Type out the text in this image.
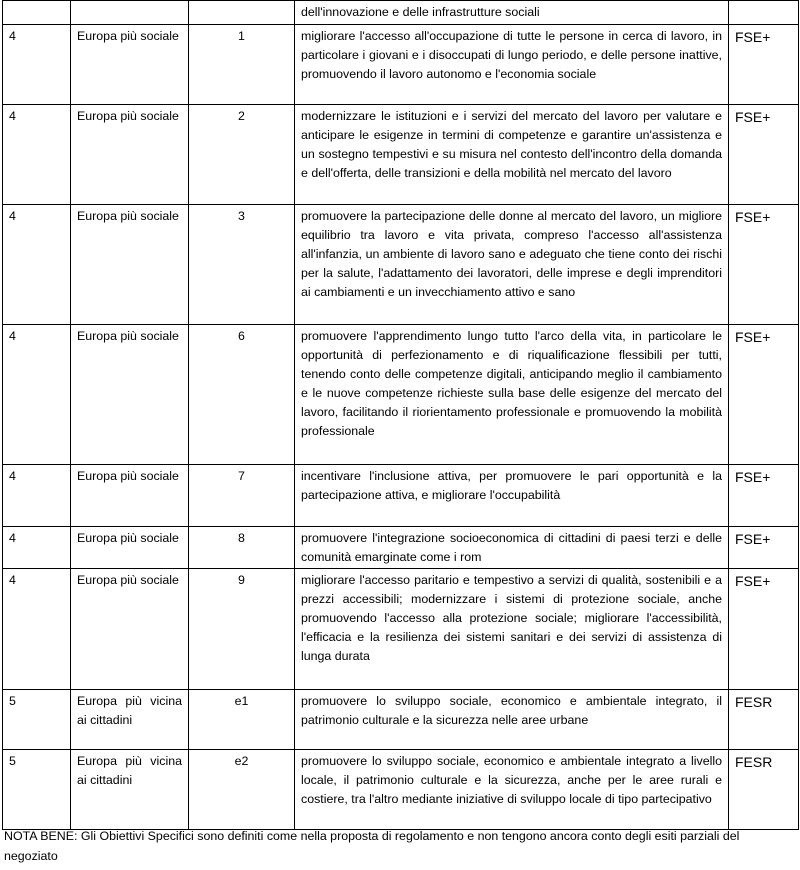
			dell'innovazione e delle infrastrutture sociali	
4	Europa più sociale	1	migliorare l'accesso all'occupazione di tutte le persone in cerca di lavoro, in particolare i giovani e i disoccupati di lungo periodo, e delle persone inattive, promuovendo il lavoro autonomo e l'economia sociale	FSE+
4	Europa più sociale	2	modernizzare le istituzioni e i servizi del mercato del lavoro per valutare e anticipare le esigenze in termini di competenze e garantire un'assistenza e un sostegno tempestivi e su misura nel contesto dell'incontro della domanda e dell'offerta, delle transizioni e della mobilità nel mercato del lavoro	FSE+
4	Europa più sociale	3	promuovere la partecipazione delle donne al mercato del lavoro, un migliore equilibrio tra lavoro e vita privata, compreso l'accesso all'assistenza all'infanzia, un ambiente di lavoro sano e adeguato che tiene conto dei rischi per la salute, l'adattamento dei lavoratori, delle imprese e degli imprenditori ai cambiamenti e un invecchiamento attivo e sano	FSE+
4	Europa più sociale	6	promuovere l'apprendimento lungo tutto l'arco della vita, in particolare le opportunità di perfezionamento e di riqualificazione flessibili per tutti, tenendo conto delle competenze digitali, anticipando meglio il cambiamento e le nuove competenze richieste sulla base delle esigenze del mercato del lavoro, facilitando il riorientamento professionale e promuovendo la mobilità professionale	FSE+
4	Europa più sociale	7	incentivare l'inclusione attiva, per promuovere le pari opportunità e la partecipazione attiva, e migliorare l'occupabilità	FSE+
4	Europa più sociale	8	promuovere l'integrazione socioeconomica di cittadini di paesi terzi e delle comunità emarginate come i rom	FSE+
4	Europa più sociale	9	migliorare l'accesso paritario e tempestivo a servizi di qualità, sostenibili e a prezzi accessibili; modernizzare i sistemi di protezione sociale, anche promuovendo l'accesso alla protezione sociale; migliorare l'accessibilità, l'efficacia e la resilienza dei sistemi sanitari e dei servizi di assistenza di lunga durata	FSE+
5	Europa più vicina ai cittadini	e1	promuovere lo sviluppo sociale, economico e ambientale integrato, il patrimonio culturale e la sicurezza nelle aree urbane	FESR
5	Europa più vicina ai cittadini	e2	promuovere lo sviluppo sociale, economico e ambientale integrato a livello locale, il patrimonio culturale e la sicurezza, anche per le aree rurali e costiere, tra l'altro mediante iniziative di sviluppo locale di tipo partecipativo	FESR
NOTA BENE: Gli Obiettivi Specifici sono definiti come nella proposta di regolamento e non tengono ancora conto degli esiti parziali del negoziato
